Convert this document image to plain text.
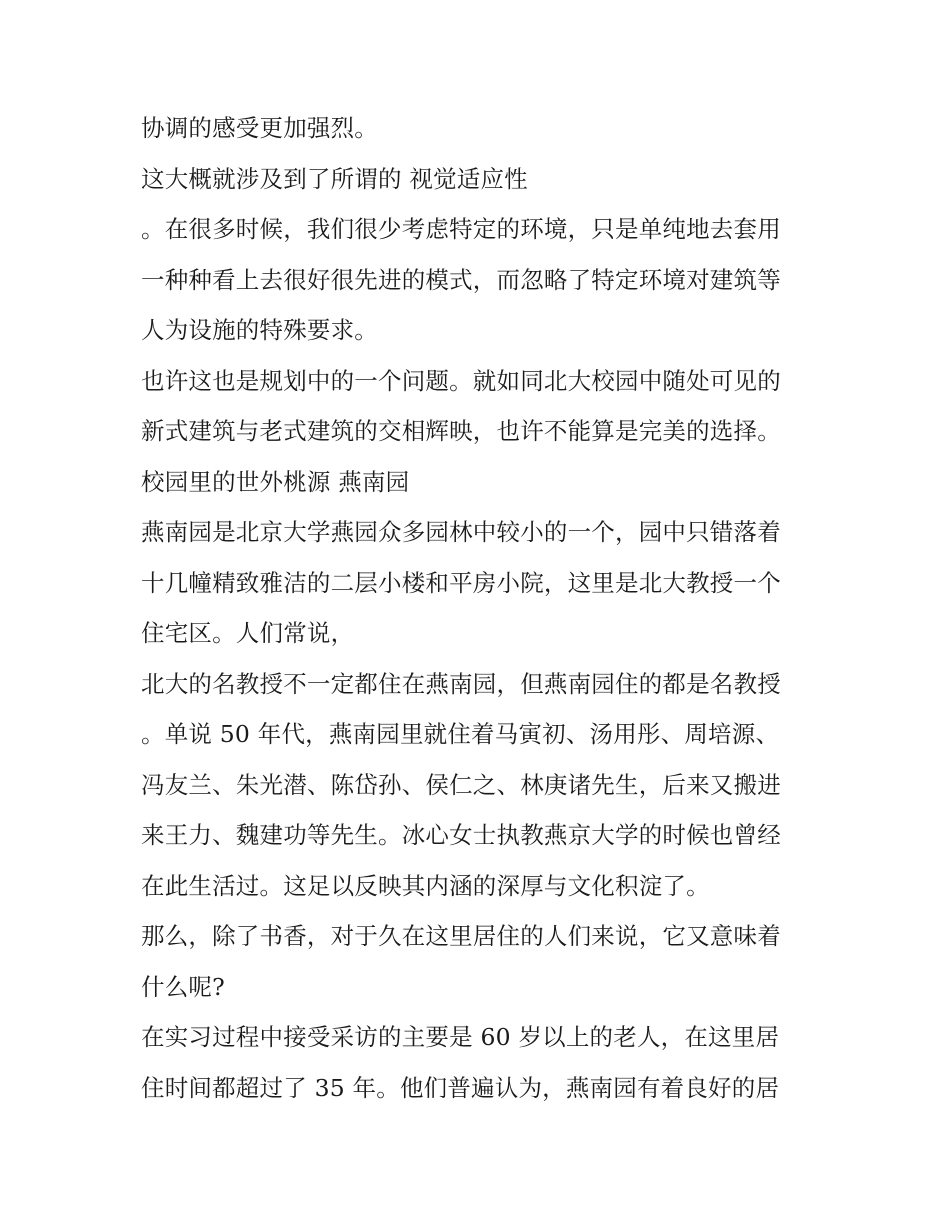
协调的感受更加强烈。
这大概就涉及到了所谓的 视觉适应性
。在很多时候，我们很少考虑特定的环境，只是单纯地去套用
一种种看上去很好很先进的模式，而忽略了特定环境对建筑等
人为设施的特殊要求。
也许这也是规划中的一个问题。就如同北大校园中随处可见的
新式建筑与老式建筑的交相辉映，也许不能算是完美的选择。
校园里的世外桃源 燕南园
燕南园是北京大学燕园众多园林中较小的一个，园中只错落着
十几幢精致雅洁的二层小楼和平房小院，这里是北大教授一个
住宅区。人们常说，
北大的名教授不一定都住在燕南园，但燕南园住的都是名教授
。单说 50 年代，燕南园里就住着马寅初、汤用彤、周培源、
冯友兰、朱光潜、陈岱孙、侯仁之、林庚诸先生，后来又搬进
来王力、魏建功等先生。冰心女士执教燕京大学的时候也曾经
在此生活过。这足以反映其内涵的深厚与文化积淀了。
那么，除了书香，对于久在这里居住的人们来说，它又意味着
什么呢?
在实习过程中接受采访的主要是 60 岁以上的老人，在这里居
住时间都超过了 35 年。他们普遍认为，燕南园有着良好的居
